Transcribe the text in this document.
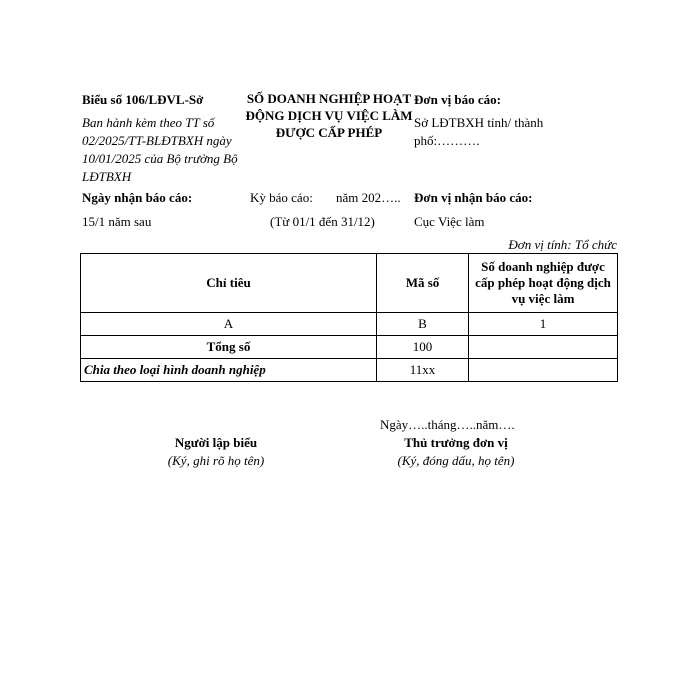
Biểu số 106/LĐVL-Sở
Ban hành kèm theo TT số 02/2025/TT-BLĐTBXH ngày 10/01/2025 của Bộ trưởng Bộ LĐTBXH
SỐ DOANH NGHIỆP HOẠT ĐỘNG DỊCH VỤ VIỆC LÀM ĐƯỢC CẤP PHÉP
Đơn vị báo cáo:
Sở LĐTBXH tỉnh/ thành phố:……….
Ngày nhận báo cáo:
15/1 năm sau
Kỳ báo cáo: năm 202…..
(Từ 01/1 đến 31/12)
Đơn vị nhận báo cáo:
Cục Việc làm
Đơn vị tính: Tổ chức
Chỉ tiêu	Mã số	Số doanh nghiệp được cấp phép hoạt động dịch vụ việc làm
A	B	1
Tổng số	100	
Chia theo loại hình doanh nghiệp	11xx	
Ngày…..tháng…..năm….
Người lập biểu
(Ký, ghi rõ họ tên)
Thủ trưởng đơn vị
(Ký, đóng dấu, họ tên)
